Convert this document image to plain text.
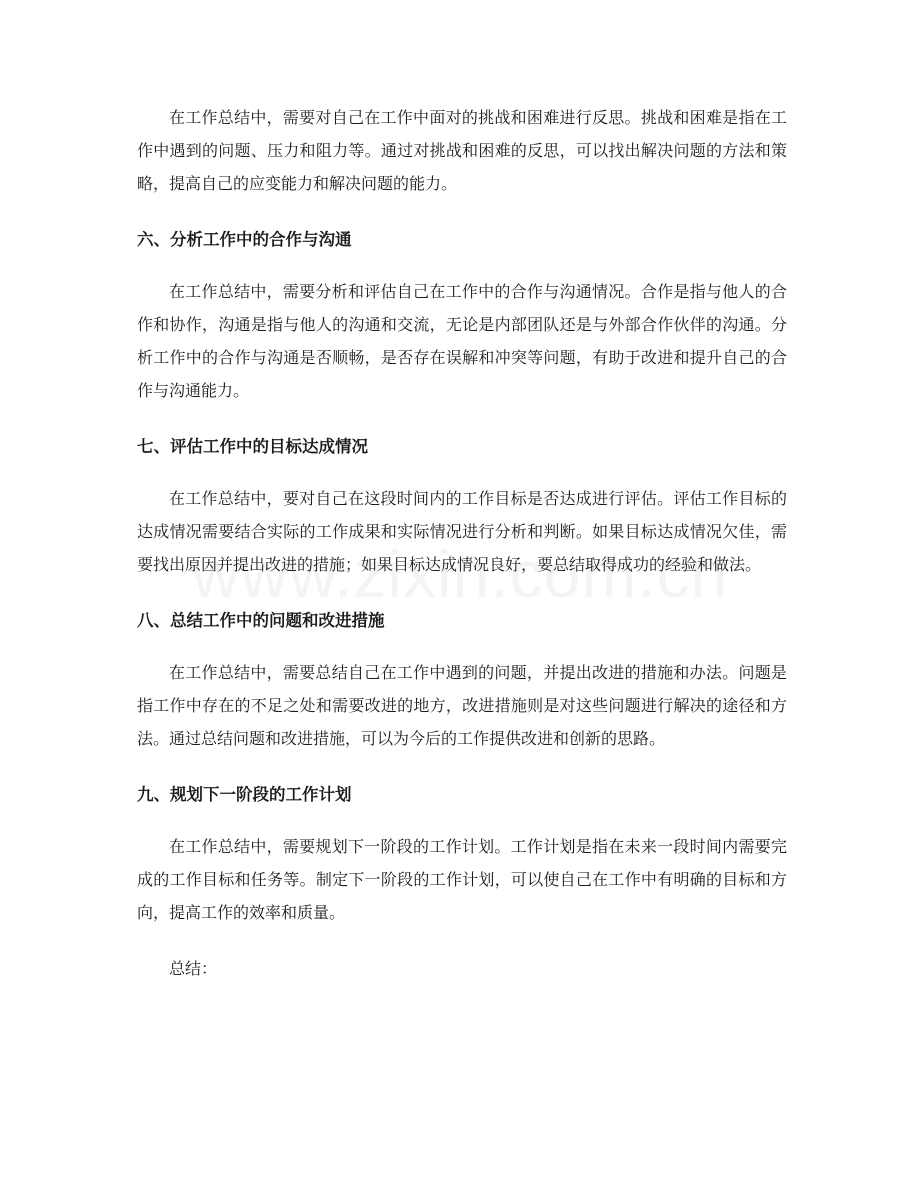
在工作总结中，需要对自己在工作中面对的挑战和困难进行反思。挑战和困难是指在工作中遇到的问题、压力和阻力等。通过对挑战和困难的反思，可以找出解决问题的方法和策略，提高自己的应变能力和解决问题的能力。

六、分析工作中的合作与沟通

在工作总结中，需要分析和评估自己在工作中的合作与沟通情况。合作是指与他人的合作和协作，沟通是指与他人的沟通和交流，无论是内部团队还是与外部合作伙伴的沟通。分析工作中的合作与沟通是否顺畅，是否存在误解和冲突等问题，有助于改进和提升自己的合作与沟通能力。

七、评估工作中的目标达成情况

在工作总结中，要对自己在这段时间内的工作目标是否达成进行评估。评估工作目标的达成情况需要结合实际的工作成果和实际情况进行分析和判断。如果目标达成情况欠佳，需要找出原因并提出改进的措施；如果目标达成情况良好，要总结取得成功的经验和做法。

八、总结工作中的问题和改进措施

在工作总结中，需要总结自己在工作中遇到的问题，并提出改进的措施和办法。问题是指工作中存在的不足之处和需要改进的地方，改进措施则是对这些问题进行解决的途径和方法。通过总结问题和改进措施，可以为今后的工作提供改进和创新的思路。

九、规划下一阶段的工作计划

在工作总结中，需要规划下一阶段的工作计划。工作计划是指在未来一段时间内需要完成的工作目标和任务等。制定下一阶段的工作计划，可以使自己在工作中有明确的目标和方向，提高工作的效率和质量。

总结：
